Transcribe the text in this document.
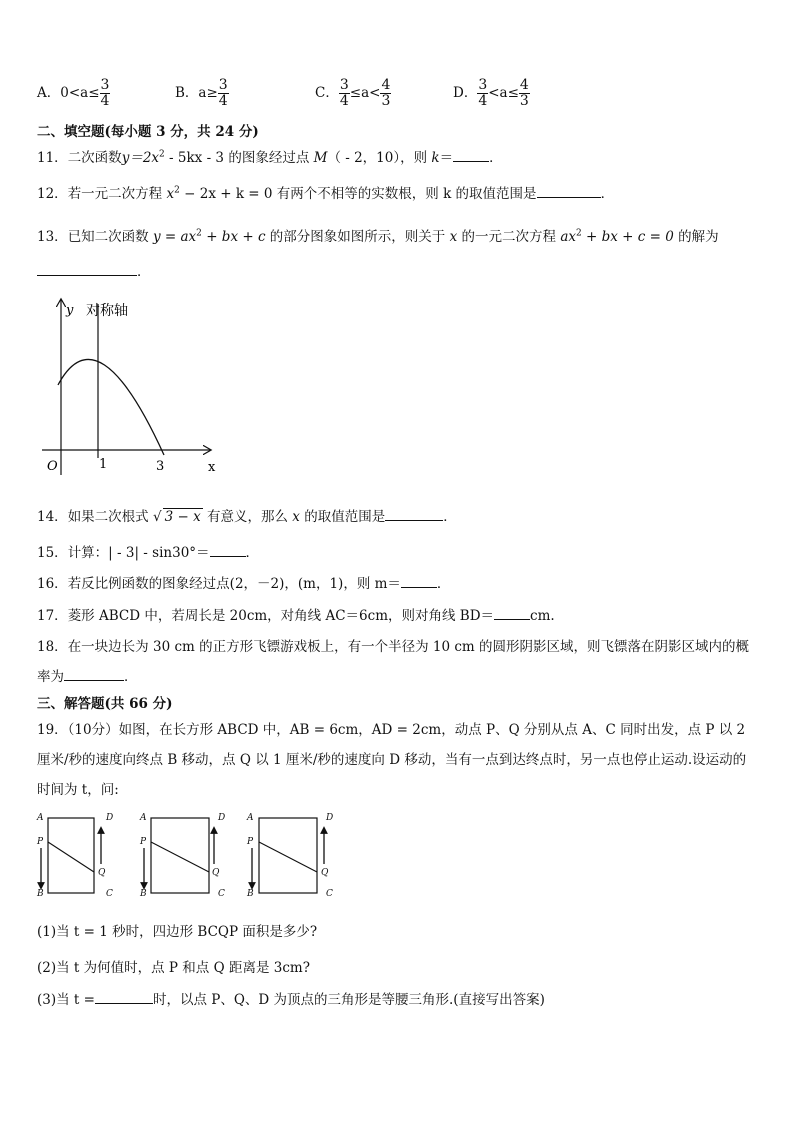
A．$0<a\le \frac{3}{4}$	B．$a\ge \frac{3}{4}$	C． $\frac{3}{4} \le a< \frac{4}{3}$	D． $\frac{3}{4} <a\le \frac{4}{3}$
二、填空题(每小题 3 分，共 24 分)
11．二次函数$y=2x^2 - 5kx - 3$ 的图象经过点 M（ - 2，10），则 k＝	．
12．若一元二次方程 $x^2 - 2x + k = 0$ 有两个不相等的实数根，则 k 的取值范围是	．
13．已知二次函数 $y = ax^2$ + bx + c 的部分图象如图所示，则关于 x 的一元二次方程 $ax^2$ + bx + c = 0 的解为
．
y 对称轴
O	1	3	x
14．如果二次根式 √ 3 − x 有意义，那么 x 的取值范围是	．
15．计算：| - 3| - sin30°＝	．
16．若反比例函数的图象经过点(2，－2)，(m，1)，则 m＝	．
17．菱形 ABCD 中，若周长是 20cm，对角线 AC＝6cm，则对角线 BD＝	cm.
18．在一块边长为 30 cm 的正方形飞镖游戏板上，有一个半径为 10 cm 的圆形阴影区域，则飞镖落在阴影区域内的概
率为	．
三、解答题(共 66 分)
19．（10分）如图，在长方形 ABCD 中，AB = 6cm，AD = 2cm，动点 P、Q 分别从点 A、C 同时出发，点 P 以 2
厘米/秒的速度向终点 B 移动，点 Q 以 1 厘米/秒的速度向 D 移动，当有一点到达终点时，另一点也停止运动.设运动的
时间为 t，问:
A	D
P
Q
B	C
A	D
P
Q
B	C
A	D
P
Q
B	C
(1)当 t = 1 秒时，四边形 BCQP 面积是多少?
(2)当 t 为何值时，点 P 和点 Q 距离是 3cm?
(3)当 t =	时，以点 P、Q、D 为顶点的三角形是等腰三角形.(直接写出答案)
